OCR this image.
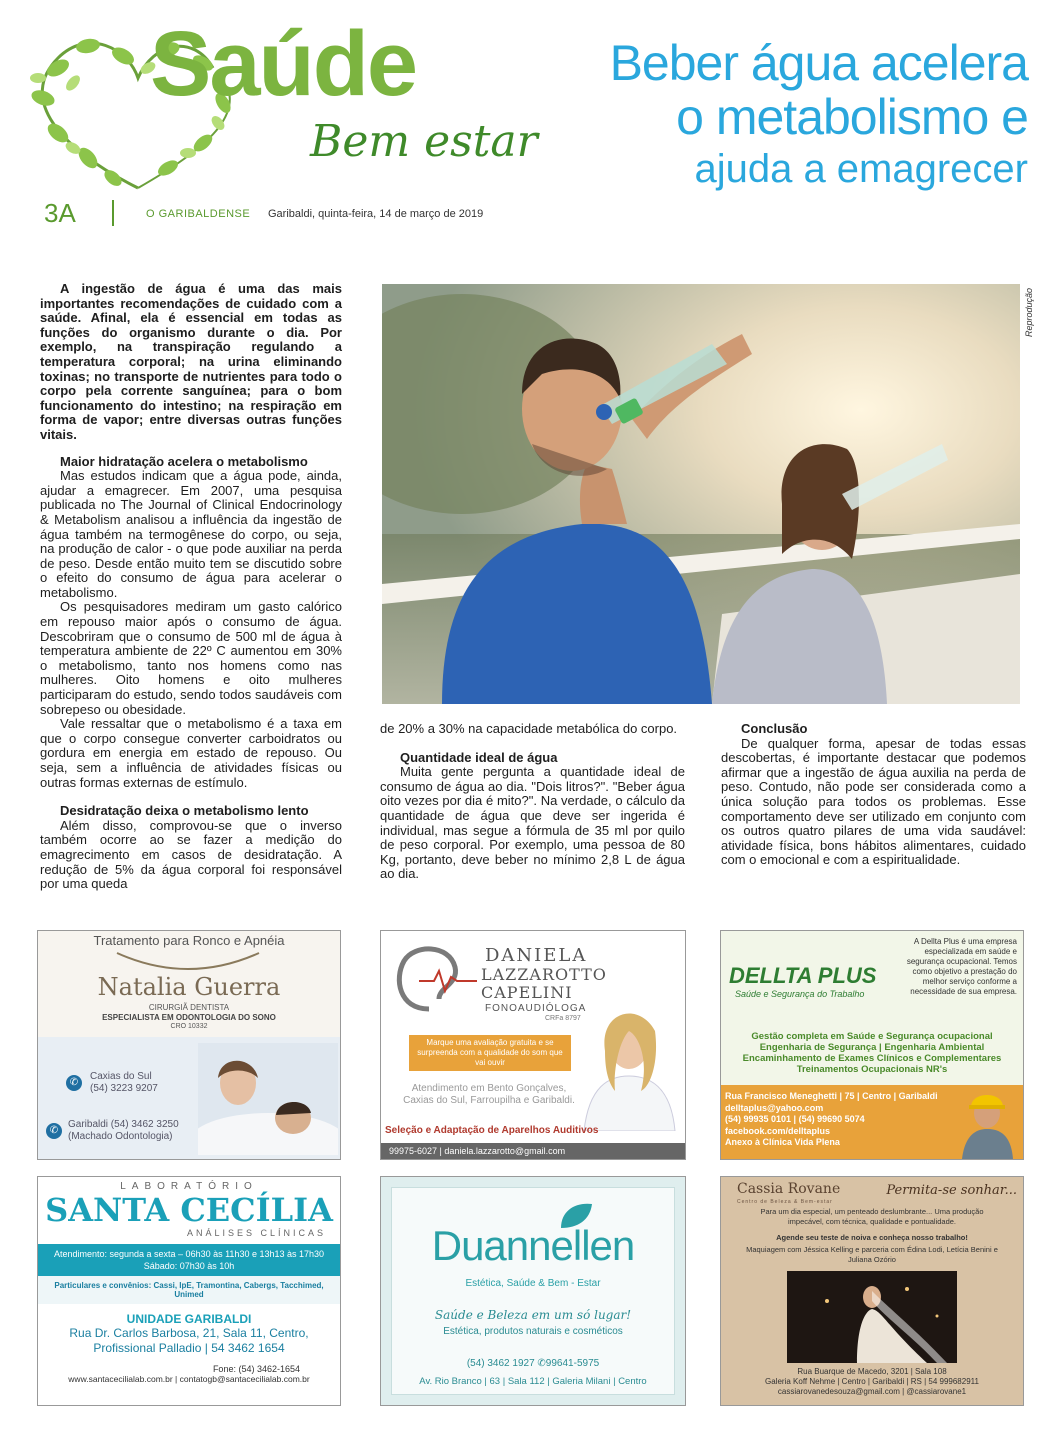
Saúde
Bem estar
Beber água acelera
o metabolismo e
ajuda a emagrecer
3A	O GARIBALDENSE Garibaldi, quinta-feira, 14 de março de 2019

A ingestão de água é uma das mais importantes recomendações de cuidado com a saúde. Afinal, ela é essencial em todas as funções do organismo durante o dia. Por exemplo, na transpiração regulando a temperatura corporal; na urina eliminando toxinas; no transporte de nutrientes para todo o corpo pela corrente sanguínea; para o bom funcionamento do intestino; na respiração em forma de vapor; entre diversas outras funções vitais.

Maior hidratação acelera o metabolismo

Mas estudos indicam que a água pode, ainda, ajudar a emagrecer. Em 2007, uma pesquisa publicada no The Journal of Clinical Endocrinology & Metabolism analisou a influência da ingestão de água também na termogênese do corpo, ou seja, na produção de calor - o que pode auxiliar na perda de peso. Desde então muito tem se discutido sobre o efeito do consumo de água para acelerar o metabolismo.

Os pesquisadores mediram um gasto calórico em repouso maior após o consumo de água. Descobriram que o consumo de 500 ml de água à temperatura ambiente de 22º C aumentou em 30% o metabolismo, tanto nos homens como nas mulheres. Oito homens e oito mulheres participaram do estudo, sendo todos saudáveis com sobrepeso ou obesidade.

Vale ressaltar que o metabolismo é a taxa em que o corpo consegue converter carboidratos ou gordura em energia em estado de repouso. Ou seja, sem a influência de atividades físicas ou outras formas externas de estímulo.

Desidratação deixa o metabolismo lento

Além disso, comprovou-se que o inverso também ocorre ao se fazer a medição do emagrecimento em casos de desidratação. A redução de 5% da água corporal foi responsável por uma queda

Reprodução

de 20% a 30% na capacidade metabólica do corpo.

Quantidade ideal de água

Muita gente pergunta a quantidade ideal de consumo de água ao dia. "Dois litros?". "Beber água oito vezes por dia é mito?". Na verdade, o cálculo da quantidade de água que deve ser ingerida é individual, mas segue a fórmula de 35 ml por quilo de peso corporal. Por exemplo, uma pessoa de 80 Kg, portanto, deve beber no mínimo 2,8 L de água ao dia.

Conclusão

De qualquer forma, apesar de todas essas descobertas, é importante destacar que podemos afirmar que a ingestão de água auxilia na perda de peso. Contudo, não pode ser considerada como a única solução para todos os problemas. Esse comportamento deve ser utilizado em conjunto com os outros quatro pilares de uma vida saudável: atividade física, bons hábitos alimentares, cuidado com o emocional e com a espiritualidade.

Tratamento para Ronco e Apnéia
Natalia Guerra
CIRURGIÃ DENTISTA
ESPECIALISTA EM ODONTOLOGIA DO SONO
CRO 10332
✆
Caxias do Sul
(54) 3223 9207
✆
Garibaldi (54) 3462 3250
(Machado Odontologia)
DANIELA
LAZZAROTTO
CAPELINI
FONOAUDIÓLOGA
CRFa 8797
Marque uma avaliação gratuita e se surpreenda com a qualidade do som que vai ouvir
Atendimento em Bento Gonçalves, Caxias do Sul, Farroupilha e Garibaldi.
Seleção e Adaptação de Aparelhos Auditivos
99975-6027 | daniela.lazzarotto@gmail.com
DELLTA PLUS
Saúde e Segurança do Trabalho
A Dellta Plus é uma empresa especializada em saúde e segurança ocupacional. Temos como objetivo a prestação do melhor serviço conforme a necessidade de sua empresa.
Gestão completa em Saúde e Segurança ocupacional
Engenharia de Segurança | Engenharia Ambiental
Encaminhamento de Exames Clínicos e Complementares
Treinamentos Ocupacionais NR's
Rua Francisco Meneghetti | 75 | Centro | Garibaldi
delltaplus@yahoo.com
(54) 99935 0101 | (54) 99690 5074
facebook.com/delltaplus
Anexo à Clínica Vida Plena
LABORATÓRIO
SANTA CECÍLIA
ANÁLISES CLÍNICAS
Atendimento: segunda a sexta – 06h30 às 11h30 e 13h13 às 17h30
Sábado: 07h30 às 10h
Particulares e convênios: Cassi, IpE, Tramontina, Cabergs, Tacchimed, Unimed
UNIDADE GARIBALDI
Rua Dr. Carlos Barbosa, 21, Sala 11, Centro,
Profissional Palladio | 54 3462 1654
Fone: (54) 3462-1654
www.santacecilialab.com.br | contatogb@santacecilialab.com.br
Duannellen
Estética, Saúde & Bem - Estar
Saúde e Beleza em um só lugar!
Estética, produtos naturais e cosméticos
(54) 3462 1927 ✆99641-5975
Av. Rio Branco | 63 | Sala 112 | Galeria Milani | Centro
Cassia Rovane
Centro de Beleza & Bem-estar
Permita-se sonhar...
Para um dia especial, um penteado deslumbrante... Uma produção impecável, com técnica, qualidade e pontualidade.
Agende seu teste de noiva e conheça nosso trabalho!
Maquiagem com Jéssica Kelling e parceria com Édina Lodi, Letícia Benini e Juliana Ozório
Rua Buarque de Macedo, 3201 | Sala 108
Galeria Koff Nehme | Centro | Garibaldi | RS | 54 999682911
cassiarovanedesouza@gmail.com | @cassiarovane1
